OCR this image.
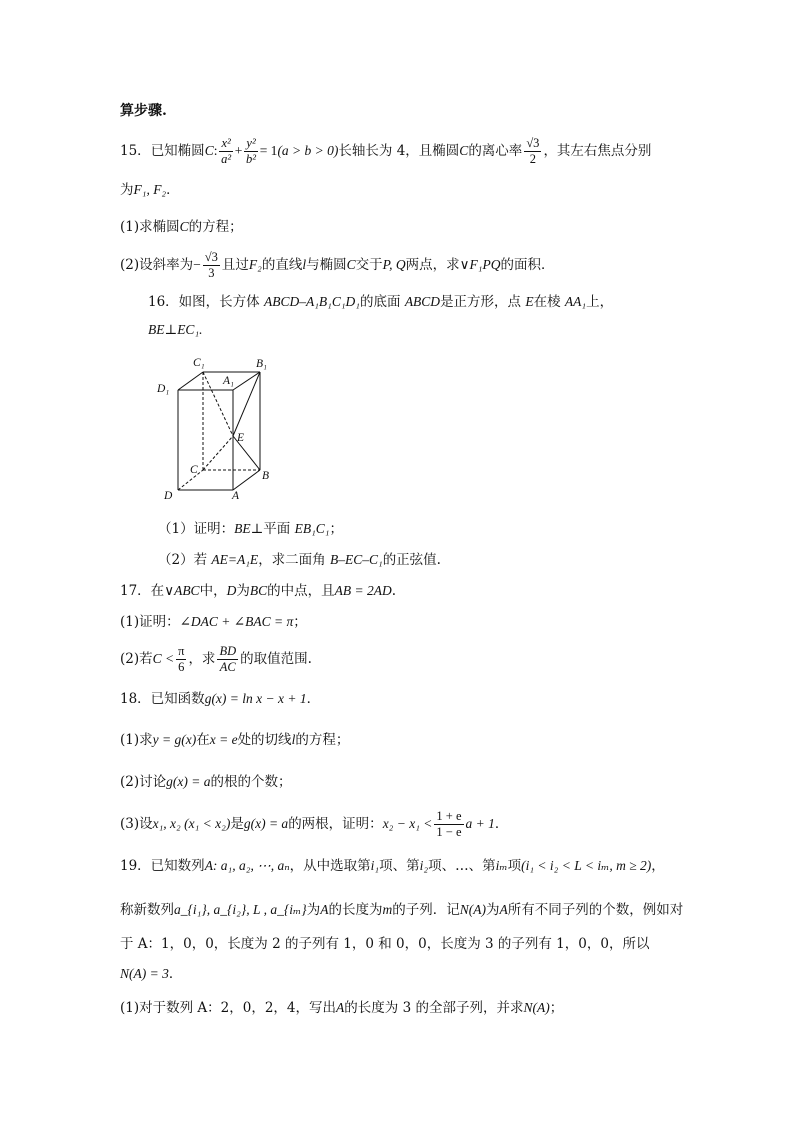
算步骤.
15．已知椭圆C: $\frac{\text{x²}}{\text{a²}} + \frac{\text{y²}}{\text{b²}} = 1(a > b > 0)$长轴长为 4，且椭圆C的离心率 $\frac{√3}{2}$ ，其左右焦点分别
为F₁, F₂．
(1)求椭圆C的方程；
(2)设斜率为− $\frac{√3}{3}$ 且过F₂的直线l与椭圆C交于P, Q两点，求∨F₁PQ的面积．
16．如图，长方体 ABCD–A₁B₁C₁D₁的底面 ABCD是正方形，点 E在棱 AA₁上，
BE⊥EC₁.
C₁	B₁
A₁
D₁
E
C	B
D	A
（1）证明：BE⊥平面 EB₁C₁；
（2）若 AE=A₁E，求二面角 B–EC–C₁的正弦值.
17．在∨ABC中，D为BC的中点，且AB = 2AD.
(1)证明：∠DAC + ∠BAC = π；
(2)若$C < \frac{\pi}{6}$ ，求 $\frac{BD}{AC}$ 的取值范围.
18．已知函数g(x) = ln x − x + 1．
(1)求y = g(x)在x = e处的切线l的方程；
(2)讨论g(x) = a的根的个数；
(3)设x₁, x₂ (x₁ < x₂)是g(x) = a的两根，证明：$x_2 - x_1 < \frac{1 + e}{1 - e}$ a + 1．
19．已知数列A: a₁, a₂, ⋯, aₙ，从中选取第i₁项、第i₂项、…、第iₘ项(i₁ < i₂ < L < iₘ, m ≥ 2)，
称新数列a_{i₁}, a_{i₂}, L , a_{iₘ}为A的长度为m的子列．记N(A)为A所有不同子列的个数，例如对
于 A：1，0，0，长度为 2 的子列有 1，0 和 0，0，长度为 3 的子列有 1，0，0，所以
N(A) = 3．
(1)对于数列 A：2，0，2，4，写出A的长度为 3 的全部子列，并求N(A)；
